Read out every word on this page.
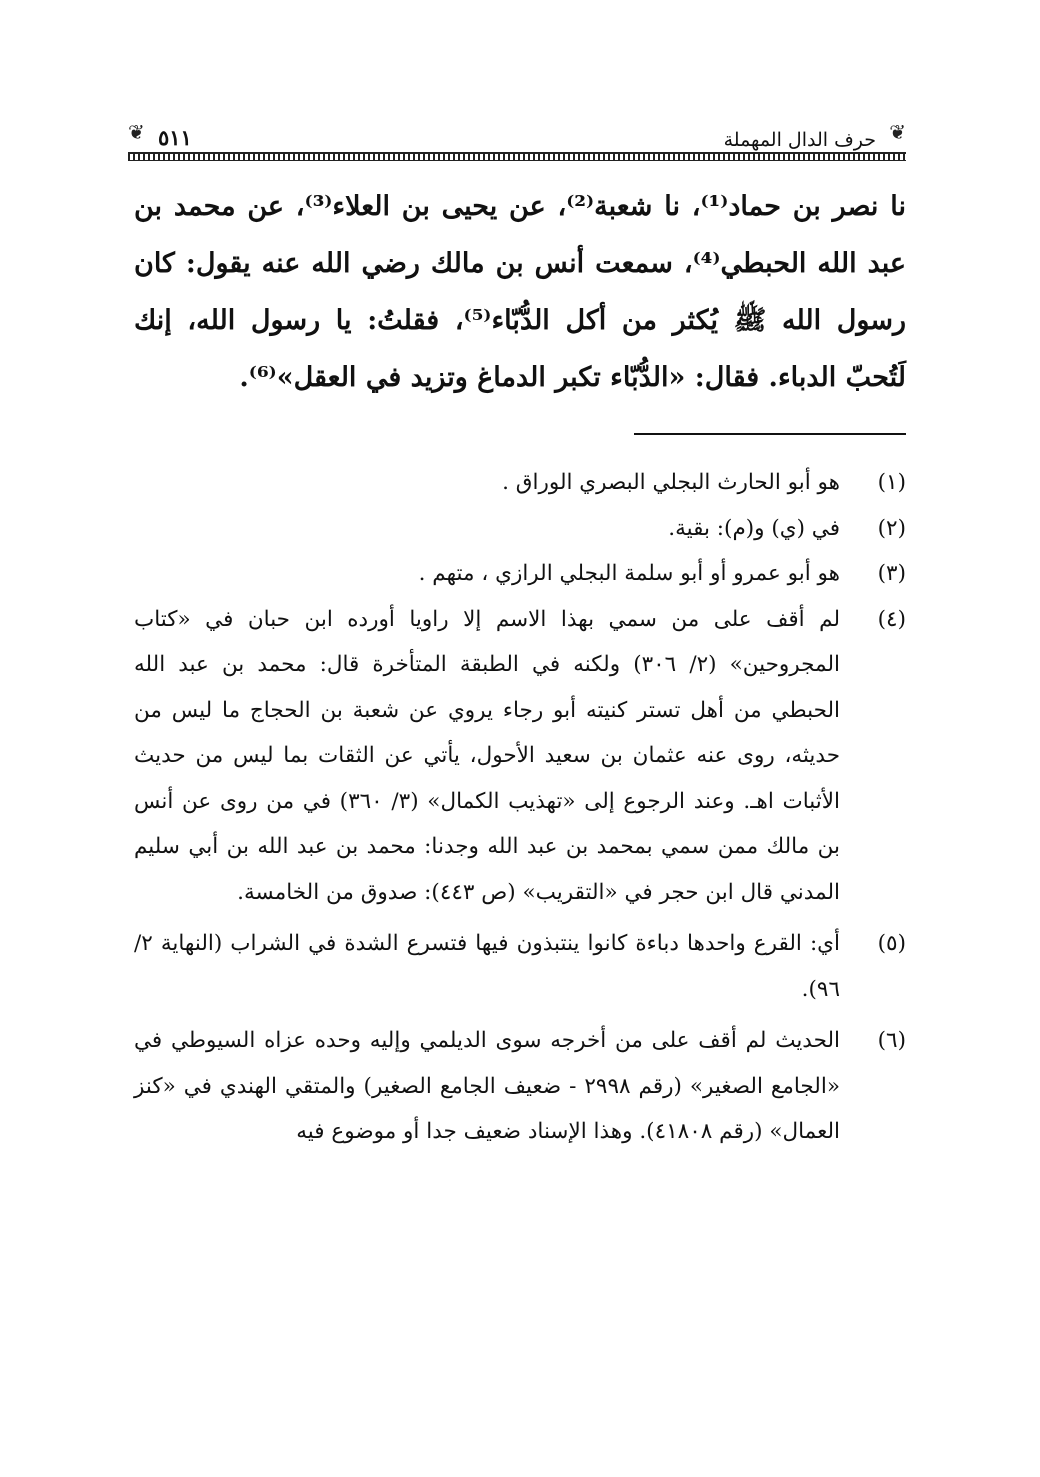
❦
حرف الدال المهملة
٥١١
❦

نا نصر بن حماد⁽¹⁾، نا شعبة⁽²⁾، عن يحيى بن العلاء⁽³⁾، عن محمد بن عبد الله الحبطي⁽⁴⁾، سمعت أنس بن مالك رضي الله عنه يقول: كان رسول الله ﷺ يُكثر من أكل الدُّبّاء⁽⁵⁾، فقلتُ: يا رسول الله، إنك لَتُحبّ الدباء. فقال: «الدُّبّاء تكبر الدماغ وتزيد في العقل»⁽⁶⁾.

(١)
هو أبو الحارث البجلي البصري الوراق .
(٢)
في (ي) و(م): بقية.
(٣)
هو أبو عمرو أو أبو سلمة البجلي الرازي ، متهم .
(٤)
لم أقف على من سمي بهذا الاسم إلا راويا أورده ابن حبان في «كتاب المجروحين» (٢/ ٣٠٦) ولكنه في الطبقة المتأخرة قال: محمد بن عبد الله الحبطي من أهل تستر كنيته أبو رجاء يروي عن شعبة بن الحجاج ما ليس من حديثه، روى عنه عثمان بن سعيد الأحول، يأتي عن الثقات بما ليس من حديث الأثبات اهـ. وعند الرجوع إلى «تهذيب الكمال» (٣/ ٣٦٠) في من روى عن أنس بن مالك ممن سمي بمحمد بن عبد الله وجدنا: محمد بن عبد الله بن أبي سليم المدني قال ابن حجر في «التقريب» (ص ٤٤٣): صدوق من الخامسة.
(٥)
أي: القرع واحدها دباءة كانوا ينتبذون فيها فتسرع الشدة في الشراب (النهاية ٢/ ٩٦).
(٦)
الحديث لم أقف على من أخرجه سوى الديلمي وإليه وحده عزاه السيوطي في «الجامع الصغير» (رقم ٢٩٩٨ - ضعيف الجامع الصغير) والمتقي الهندي في «كنز العمال» (رقم ٤١٨٠٨). وهذا الإسناد ضعيف جدا أو موضوع فيه
